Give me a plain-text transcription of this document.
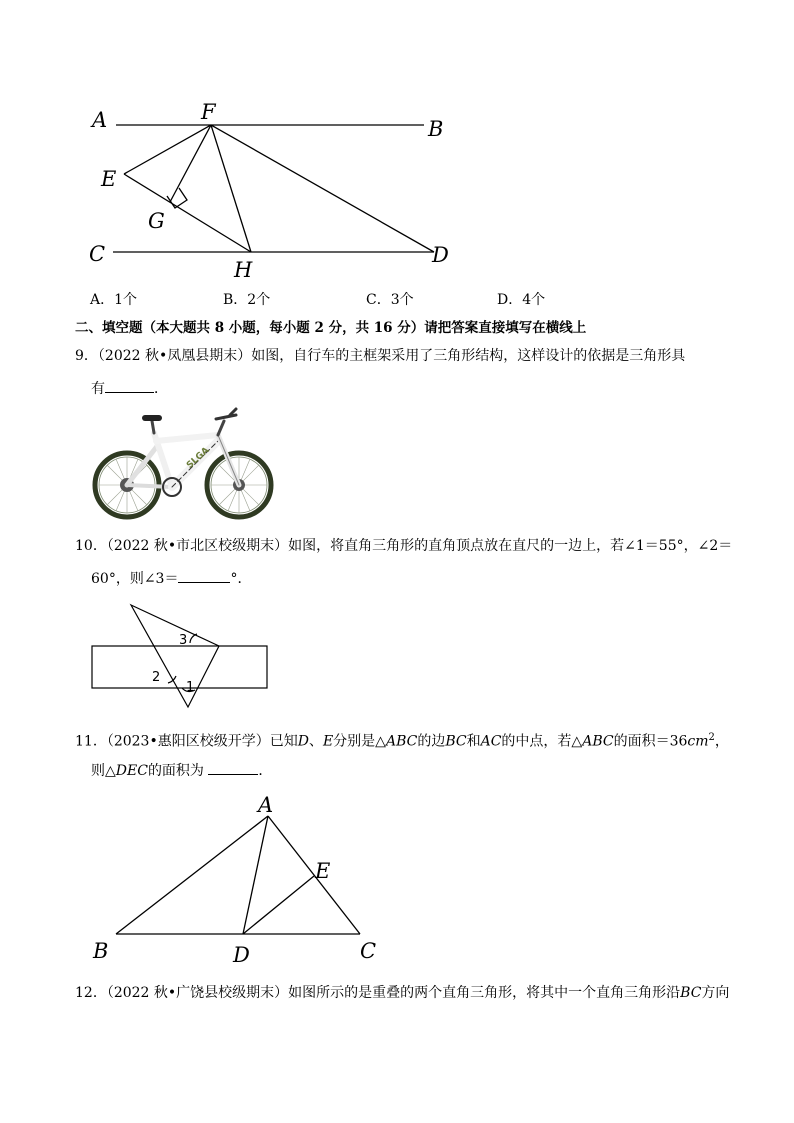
A	F
B
E
G
C
H
D
A．1个	B．2个	C．3个	D．4个
二、填空题（本大题共 8 小题，每小题 2 分，共 16 分）请把答案直接填写在横线上
9．（2022 秋•凤凰县期末）如图，自行车的主框架采用了三角形结构，这样设计的依据是三角形具
有	．
SLGA
10．（2022 秋•市北区校级期末）如图，将直角三角形的直角顶点放在直尺的一边上，若∠1＝55°，∠2＝
60°，则∠3＝	°．
3
2
1
11．（2023•惠阳区校级开学）已知D、E分别是△ABC的边BC和AC的中点，若△ABC的面积$=36cm^2$，
则△DEC的面积为	．
A
E
B	D	C
12．（2022 秋•广饶县校级期末）如图所示的是重叠的两个直角三角形，将其中一个直角三角形沿BC方向
